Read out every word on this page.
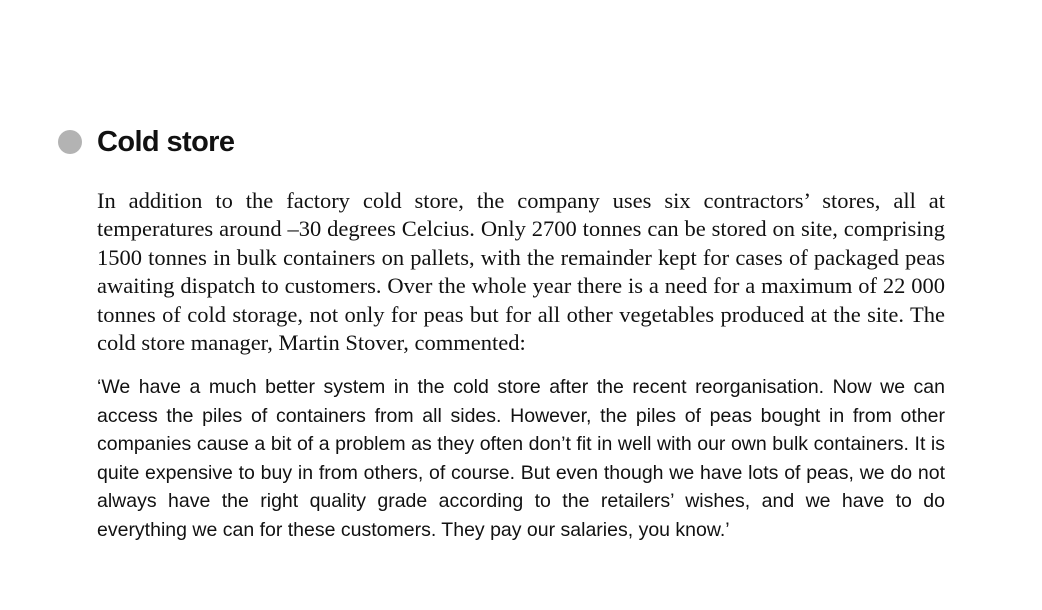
Cold store

In addition to the factory cold store, the company uses six contractors’ stores, all at temperatures around –30 degrees Celcius. Only 2700 tonnes can be stored on site, comprising 1500 tonnes in bulk containers on pallets, with the remainder kept for cases of packaged peas awaiting dispatch to customers. Over the whole year there is a need for a maximum of 22 000 tonnes of cold storage, not only for peas but for all other vegetables produced at the site. The cold store manager, Martin Stover, commented:

‘We have a much better system in the cold store after the recent reorganisation. Now we can access the piles of containers from all sides. However, the piles of peas bought in from other companies cause a bit of a problem as they often don’t fit in well with our own bulk containers. It is quite expensive to buy in from others, of course. But even though we have lots of peas, we do not always have the right quality grade according to the retailers’ wishes, and we have to do everything we can for these customers. They pay our salaries, you know.’
